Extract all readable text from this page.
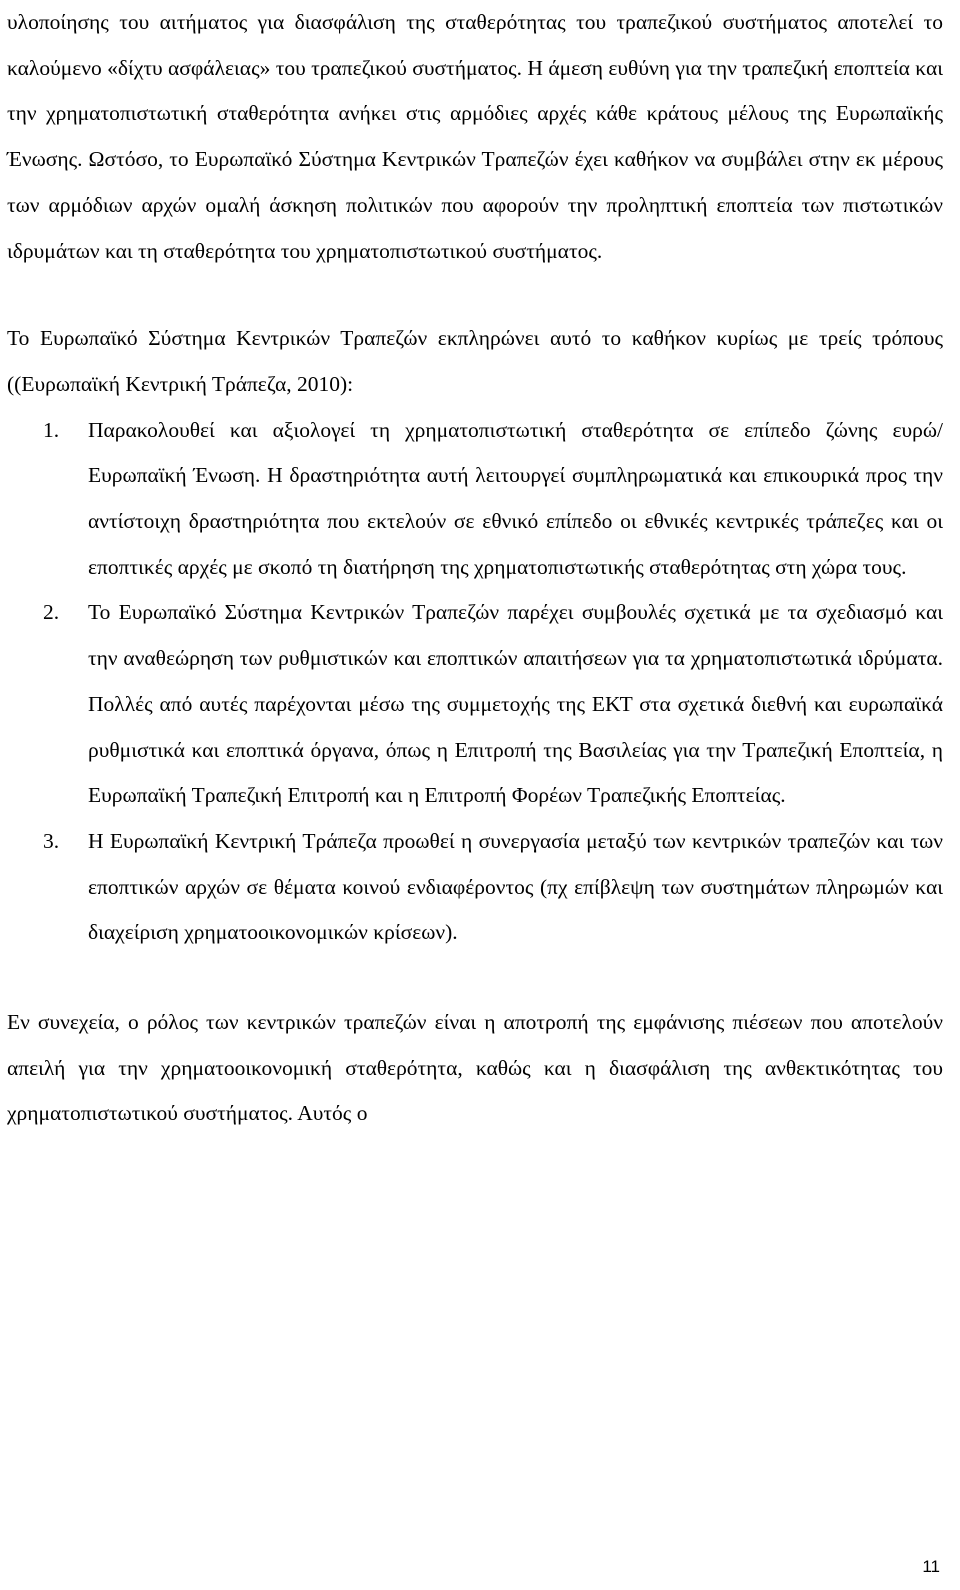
υλοποίησης του αιτήματος για διασφάλιση της σταθερότητας του τραπεζικού συστήματος αποτελεί το καλούμενο «δίχτυ ασφάλειας» του τραπεζικού συστήματος. Η άμεση ευθύνη για την τραπεζική εποπτεία και την χρηματοπιστωτική σταθερότητα ανήκει στις αρμόδιες αρχές κάθε κράτους μέλους της Ευρωπαϊκής Ένωσης. Ωστόσο, το Ευρωπαϊκό Σύστημα Κεντρικών Τραπεζών έχει καθήκον να συμβάλει στην εκ μέρους των αρμόδιων αρχών ομαλή άσκηση πολιτικών που αφορούν την προληπτική εποπτεία των πιστωτικών ιδρυμάτων και τη σταθερότητα του χρηματοπιστωτικού συστήματος.

Το Ευρωπαϊκό Σύστημα Κεντρικών Τραπεζών εκπληρώνει αυτό το καθήκον κυρίως με τρείς τρόπους ((Ευρωπαϊκή Κεντρική Τράπεζα, 2010):

1. Παρακολουθεί και αξιολογεί τη χρηματοπιστωτική σταθερότητα σε επίπεδο ζώνης ευρώ/ Ευρωπαϊκή Ένωση. Η δραστηριότητα αυτή λειτουργεί συμπληρωματικά και επικουρικά προς την αντίστοιχη δραστηριότητα που εκτελούν σε εθνικό επίπεδο οι εθνικές κεντρικές τράπεζες και οι εποπτικές αρχές με σκοπό τη διατήρηση της χρηματοπιστωτικής σταθερότητας στη χώρα τους.
2. Το Ευρωπαϊκό Σύστημα Κεντρικών Τραπεζών παρέχει συμβουλές σχετικά με τα σχεδιασμό και την αναθεώρηση των ρυθμιστικών και εποπτικών απαιτήσεων για τα χρηματοπιστωτικά ιδρύματα. Πολλές από αυτές παρέχονται μέσω της συμμετοχής της ΕΚΤ στα σχετικά διεθνή και ευρωπαϊκά ρυθμιστικά και εποπτικά όργανα, όπως η Επιτροπή της Βασιλείας για την Τραπεζική Εποπτεία, η Ευρωπαϊκή Τραπεζική Επιτροπή και η Επιτροπή Φορέων Τραπεζικής Εποπτείας.
3. Η Ευρωπαϊκή Κεντρική Τράπεζα προωθεί η συνεργασία μεταξύ των κεντρικών τραπεζών και των εποπτικών αρχών σε θέματα κοινού ενδιαφέροντος (πχ επίβλεψη των συστημάτων πληρωμών και διαχείριση χρηματοοικονομικών κρίσεων).

Εν συνεχεία, ο ρόλος των κεντρικών τραπεζών είναι η αποτροπή της εμφάνισης πιέσεων που αποτελούν απειλή για την χρηματοοικονομική σταθερότητα, καθώς και η διασφάλιση της ανθεκτικότητας του χρηματοπιστωτικού συστήματος. Αυτός ο

11
